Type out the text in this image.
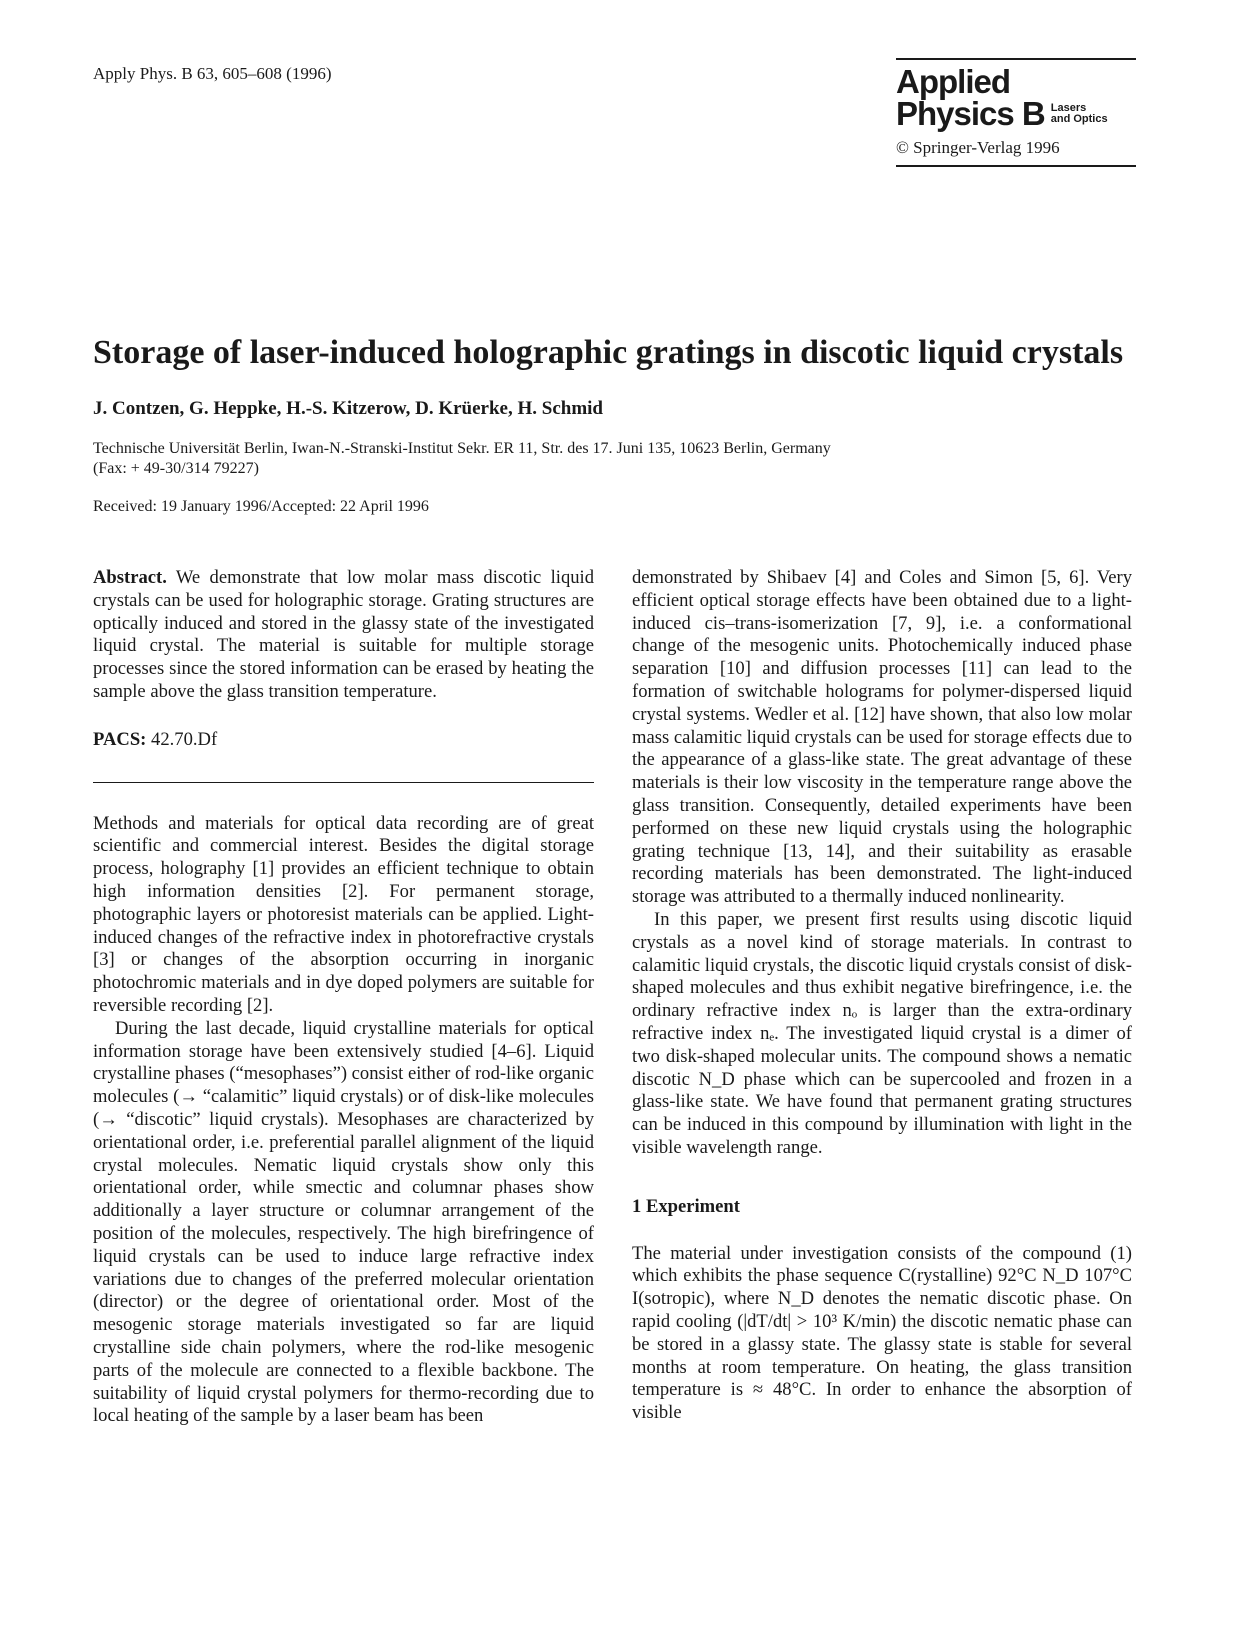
Apply Phys. B 63, 605–608 (1996)	Applied
Physics B Lasers
and Optics
© Springer-Verlag 1996
Storage of laser-induced holographic gratings in discotic liquid crystals
J. Contzen, G. Heppke, H.-S. Kitzerow, D. Krüerke, H. Schmid
Technische Universität Berlin, Iwan-N.-Stranski-Institut Sekr. ER 11, Str. des 17. Juni 135, 10623 Berlin, Germany
(Fax: + 49-30/314 79227)
Received: 19 January 1996/Accepted: 22 April 1996

Abstract. We demonstrate that low molar mass discotic liquid crystals can be used for holographic storage. Grating structures are optically induced and stored in the glassy state of the investigated liquid crystal. The material is suitable for multiple storage processes since the stored information can be erased by heating the sample above the glass transition temperature.

PACS: 42.70.Df

Methods and materials for optical data recording are of great scientific and commercial interest. Besides the digital storage process, holography [1] provides an efficient technique to obtain high information densities [2]. For permanent storage, photographic layers or photoresist materials can be applied. Light-induced changes of the refractive index in photorefractive crystals [3] or changes of the absorption occurring in inorganic photochromic materials and in dye doped polymers are suitable for reversible recording [2].

During the last decade, liquid crystalline materials for optical information storage have been extensively studied [4–6]. Liquid crystalline phases (“mesophases”) consist either of rod-like organic molecules (→ “calamitic” liquid crystals) or of disk-like molecules (→ “discotic” liquid crystals). Mesophases are characterized by orientational order, i.e. preferential parallel alignment of the liquid crystal molecules. Nematic liquid crystals show only this orientational order, while smectic and columnar phases show additionally a layer structure or columnar arrangement of the position of the molecules, respectively. The high birefringence of liquid crystals can be used to induce large refractive index variations due to changes of the preferred molecular orientation (director) or the degree of orientational order. Most of the mesogenic storage materials investigated so far are liquid crystalline side chain polymers, where the rod-like mesogenic parts of the molecule are connected to a flexible backbone. The suitability of liquid crystal polymers for thermo-recording due to local heating of the sample by a laser beam has been

demonstrated by Shibaev [4] and Coles and Simon [5, 6]. Very efficient optical storage effects have been obtained due to a light-induced cis–trans-isomerization [7, 9], i.e. a conformational change of the mesogenic units. Photochemically induced phase separation [10] and diffusion processes [11] can lead to the formation of switchable holograms for polymer-dispersed liquid crystal systems. Wedler et al. [12] have shown, that also low molar mass calamitic liquid crystals can be used for storage effects due to the appearance of a glass-like state. The great advantage of these materials is their low viscosity in the temperature range above the glass transition. Consequently, detailed experiments have been performed on these new liquid crystals using the holographic grating technique [13, 14], and their suitability as erasable recording materials has been demonstrated. The light-induced storage was attributed to a thermally induced nonlinearity.

In this paper, we present first results using discotic liquid crystals as a novel kind of storage materials. In contrast to calamitic liquid crystals, the discotic liquid crystals consist of disk-shaped molecules and thus exhibit negative birefringence, i.e. the ordinary refractive index nₒ is larger than the extra-ordinary refractive index nₑ. The investigated liquid crystal is a dimer of two disk-shaped molecular units. The compound shows a nematic discotic N_D phase which can be supercooled and frozen in a glass-like state. We have found that permanent grating structures can be induced in this compound by illumination with light in the visible wavelength range.

1 Experiment

The material under investigation consists of the compound (1) which exhibits the phase sequence C(rystalline) 92°C N_D 107°C I(sotropic), where N_D denotes the nematic discotic phase. On rapid cooling (|dT/dt| > 10³ K/min) the discotic nematic phase can be stored in a glassy state. The glassy state is stable for several months at room temperature. On heating, the glass transition temperature is ≈ 48°C. In order to enhance the absorption of visible
